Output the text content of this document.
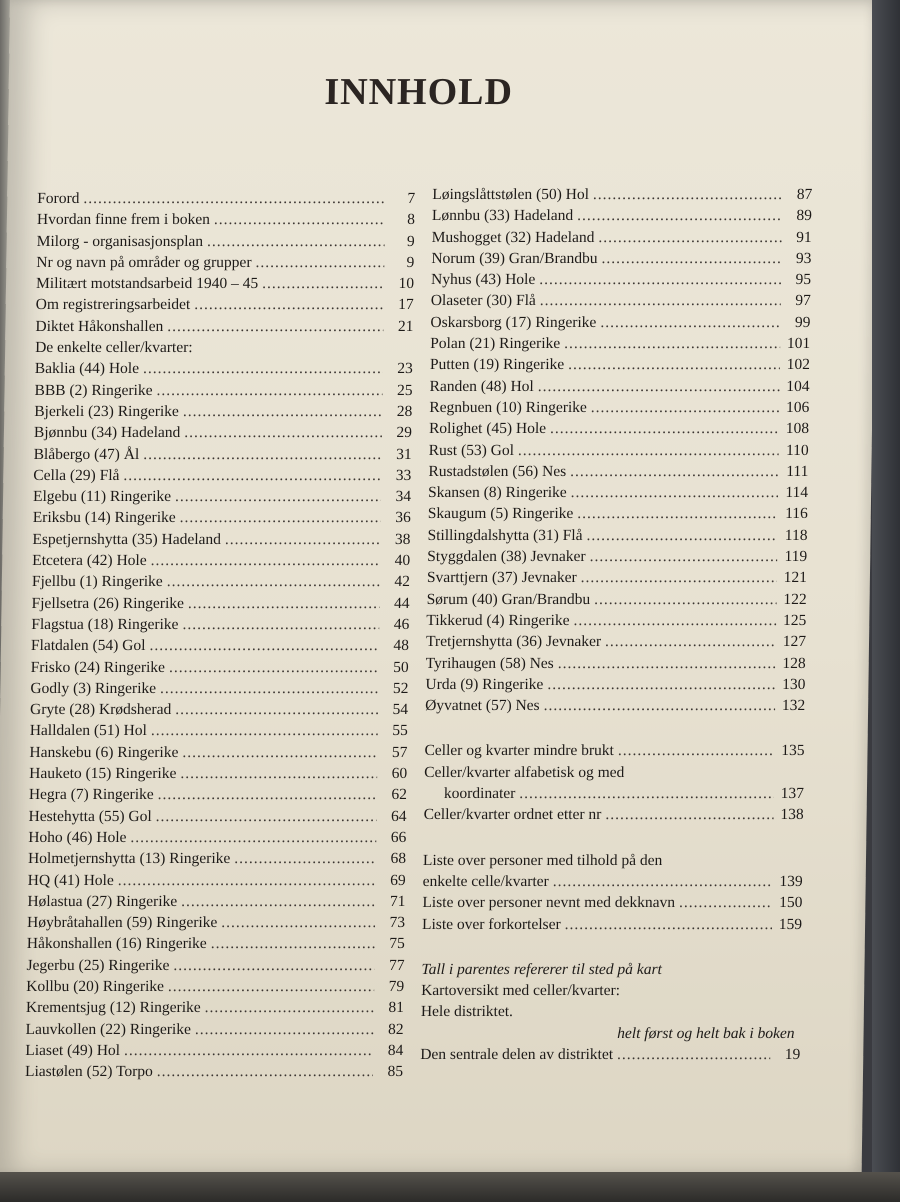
INNHOLD
Forord .....	7
Hvordan finne frem i boken .....	8
Milorg - organisasjonsplan .....	9
Nr og navn på områder og grupper .....	9
Militært motstandsarbeid 1940 – 45 .....	10
Om registreringsarbeidet .....	17
Diktet Håkonshallen .....	21
De enkelte celler/kvarter:
Baklia (44) Hole .....	23
BBB (2) Ringerike .....	25
Bjerkeli (23) Ringerike .....	28
Bjønnbu (34) Hadeland .....	29
Blåbergo (47) Ål .....	31
Cella (29) Flå .....	33
Elgebu (11) Ringerike .....	34
Eriksbu (14) Ringerike .....	36
Espetjernshytta (35) Hadeland .....	38
Etcetera (42) Hole .....	40
Fjellbu (1) Ringerike .....	42
Fjellsetra (26) Ringerike .....	44
Flagstua (18) Ringerike .....	46
Flatdalen (54) Gol .....	48
Frisko (24) Ringerike .....	50
Godly (3) Ringerike .....	52
Gryte (28) Krødsherad .....	54
Halldalen (51) Hol .....	55
Hanskebu (6) Ringerike .....	57
Hauketo (15) Ringerike .....	60
Hegra (7) Ringerike .....	62
Hestehytta (55) Gol .....	64
Hoho (46) Hole .....	66
Holmetjernshytta (13) Ringerike .....	68
HQ (41) Hole .....	69
Hølastua (27) Ringerike .....	71
Høybråtahallen (59) Ringerike .....	73
Håkonshallen (16) Ringerike .....	75
Jegerbu (25) Ringerike .....	77
Kollbu (20) Ringerike .....	79
Krementsjug (12) Ringerike .....	81
Lauvkollen (22) Ringerike .....	82
Liaset (49) Hol .....	84
Liastølen (52) Torpo .....	85
Løingslåttstølen (50) Hol .....	87
Lønnbu (33) Hadeland .....	89
Mushogget (32) Hadeland .....	91
Norum (39) Gran/Brandbu .....	93
Nyhus (43) Hole .....	95
Olaseter (30) Flå .....	97
Oskarsborg (17) Ringerike .....	99
Polan (21) Ringerike .....	101
Putten (19) Ringerike .....	102
Randen (48) Hol .....	104
Regnbuen (10) Ringerike .....	106
Rolighet (45) Hole .....	108
Rust (53) Gol .....	110
Rustadstølen (56) Nes .....	111
Skansen (8) Ringerike .....	114
Skaugum (5) Ringerike .....	116
Stillingdalshytta (31) Flå .....	118
Styggdalen (38) Jevnaker .....	119
Svarttjern (37) Jevnaker .....	121
Sørum (40) Gran/Brandbu .....	122
Tikkerud (4) Ringerike .....	125
Tretjernshytta (36) Jevnaker .....	127
Tyrihaugen (58) Nes .....	128
Urda (9) Ringerike .....	130
Øyvatnet (57) Nes .....	132
Celler og kvarter mindre brukt .....	135
Celler/kvarter alfabetisk og med
koordinater .....	137
Celler/kvarter ordnet etter nr .....	138
Liste over personer med tilhold på den
enkelte celle/kvarter .....	139
Liste over personer nevnt med dekknavn .....	150
Liste over forkortelser .....	159
Tall i parentes refererer til sted på kart
Kartoversikt med celler/kvarter:
Hele distriktet.
helt først og helt bak i boken
Den sentrale delen av distriktet .....	19
